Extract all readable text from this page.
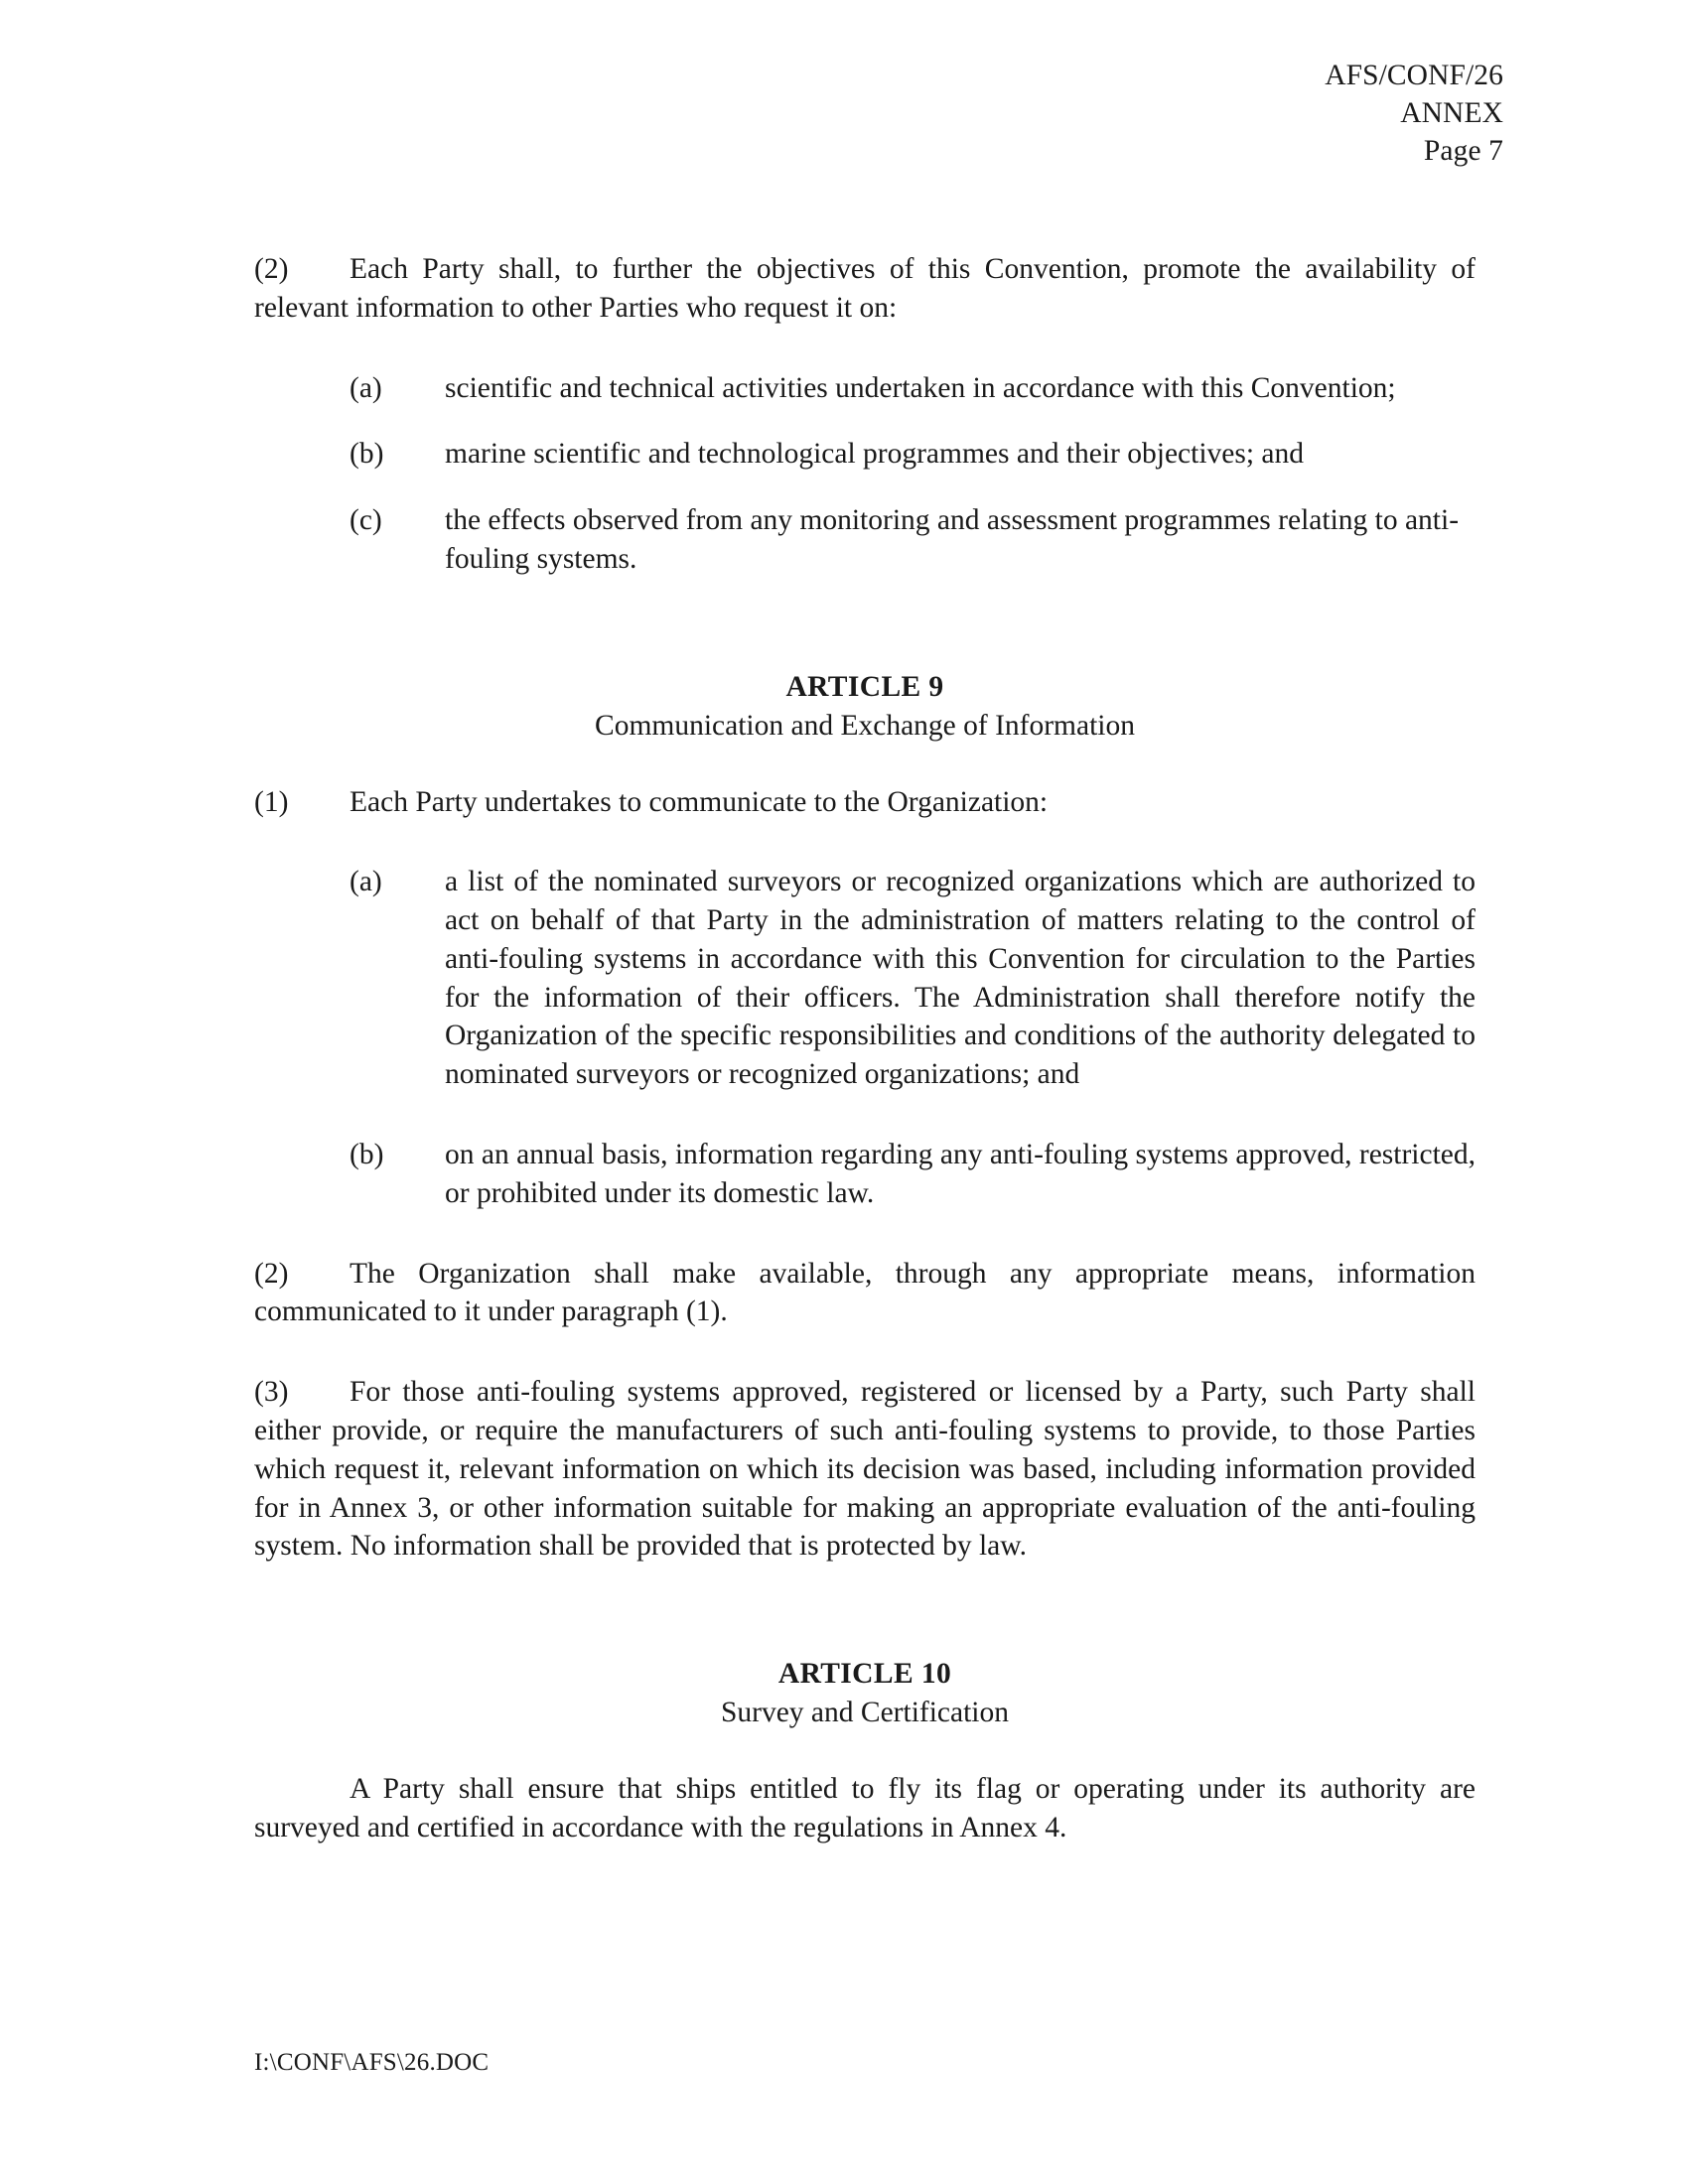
AFS/CONF/26
ANNEX
Page 7

(2) Each Party shall, to further the objectives of this Convention, promote the availability of relevant information to other Parties who request it on:

(a)	scientific and technical activities undertaken in accordance with this Convention;
(b)	marine scientific and technological programmes and their objectives; and
(c)	the effects observed from any monitoring and assessment programmes relating to anti-fouling systems.
ARTICLE 9
Communication and Exchange of Information

(1) Each Party undertakes to communicate to the Organization:

(a)	a list of the nominated surveyors or recognized organizations which are authorized to act on behalf of that Party in the administration of matters relating to the control of anti-fouling systems in accordance with this Convention for circulation to the Parties for the information of their officers. The Administration shall therefore notify the Organization of the specific responsibilities and conditions of the authority delegated to nominated surveyors or recognized organizations; and
(b)	on an annual basis, information regarding any anti-fouling systems approved, restricted, or prohibited under its domestic law.

(2) The Organization shall make available, through any appropriate means, information communicated to it under paragraph (1).

(3) For those anti-fouling systems approved, registered or licensed by a Party, such Party shall either provide, or require the manufacturers of such anti-fouling systems to provide, to those Parties which request it, relevant information on which its decision was based, including information provided for in Annex 3, or other information suitable for making an appropriate evaluation of the anti-fouling system. No information shall be provided that is protected by law.

ARTICLE 10
Survey and Certification

A Party shall ensure that ships entitled to fly its flag or operating under its authority are surveyed and certified in accordance with the regulations in Annex 4.

I:\CONF\AFS\26.DOC
